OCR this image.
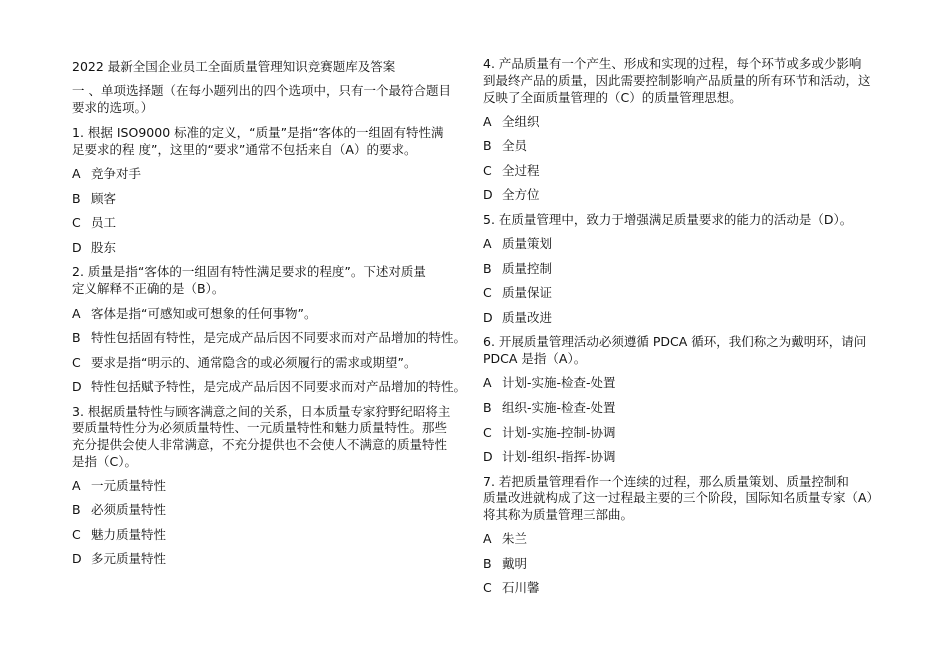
2022 最新全国企业员工全面质量管理知识竞赛题库及答案
一 、单项选择题（在每小题列出的四个选项中，只有一个最符合题目
要求的选项。）
1. 根据 ISO9000 标准的定义，“质量”是指“客体的一组固有特性满
足要求的程 度”，这里的“要求”通常不包括来自（A）的要求。
A 竞争对手
B 顾客
C 员工
D 股东
2. 质量是指“客体的一组固有特性满足要求的程度”。下述对质量
定义解释不正确的是（B）。
A 客体是指“可感知或可想象的任何事物”。
B 特性包括固有特性，是完成产品后因不同要求而对产品增加的特性。
C 要求是指“明示的、通常隐含的或必须履行的需求或期望”。
D 特性包括赋予特性，是完成产品后因不同要求而对产品增加的特性。
3. 根据质量特性与顾客满意之间的关系，日本质量专家狩野纪昭将主
要质量特性分为必须质量特性、一元质量特性和魅力质量特性。那些
充分提供会使人非常满意，不充分提供也不会使人不满意的质量特性
是指（C）。
A 一元质量特性
B 必须质量特性
C 魅力质量特性
D 多元质量特性
4. 产品质量有一个产生、形成和实现的过程，每个环节或多或少影响
到最终产品的质量，因此需要控制影响产品质量的所有环节和活动，这
反映了全面质量管理的（C）的质量管理思想。
A 全组织
B 全员
C 全过程
D 全方位
5. 在质量管理中，致力于增强满足质量要求的能力的活动是（D）。
A 质量策划
B 质量控制
C 质量保证
D 质量改进
6. 开展质量管理活动必须遵循 PDCA 循环，我们称之为戴明环，请问
PDCA 是指（A）。
A 计划-实施-检查-处置
B 组织-实施-检查-处置
C 计划-实施-控制-协调
D 计划-组织-指挥-协调
7. 若把质量管理看作一个连续的过程，那么质量策划、质量控制和
质量改进就构成了这一过程最主要的三个阶段，国际知名质量专家（A）
将其称为质量管理三部曲。
A 朱兰
B 戴明
C 石川馨
